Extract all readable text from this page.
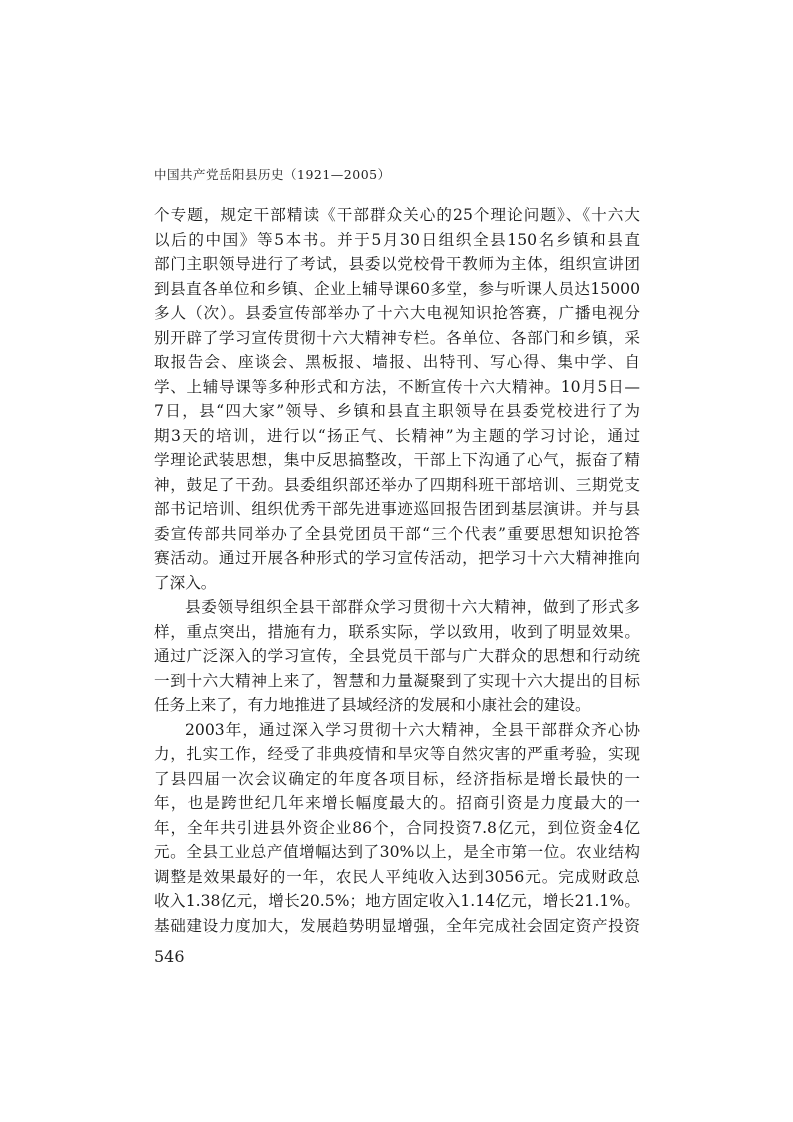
中国共产党岳阳县历史（1921—2005）
个专题，规定干部精读《干部群众关心的25个理论问题》、《十六大
以后的中国》等5本书。并于5月30日组织全县150名乡镇和县直
部门主职领导进行了考试，县委以党校骨干教师为主体，组织宣讲团
到县直各单位和乡镇、企业上辅导课60多堂，参与听课人员达15000
多人（次）。县委宣传部举办了十六大电视知识抢答赛，广播电视分
别开辟了学习宣传贯彻十六大精神专栏。各单位、各部门和乡镇，采
取报告会、座谈会、黑板报、墙报、出特刊、写心得、集中学、自
学、上辅导课等多种形式和方法，不断宣传十六大精神。10月5日—
7日，县“四大家”领导、乡镇和县直主职领导在县委党校进行了为
期3天的培训，进行以“扬正气、长精神”为主题的学习讨论，通过
学理论武装思想，集中反思搞整改，干部上下沟通了心气，振奋了精
神，鼓足了干劲。县委组织部还举办了四期科班干部培训、三期党支
部书记培训、组织优秀干部先进事迹巡回报告团到基层演讲。并与县
委宣传部共同举办了全县党团员干部“三个代表”重要思想知识抢答
赛活动。通过开展各种形式的学习宣传活动，把学习十六大精神推向
了深入。
县委领导组织全县干部群众学习贯彻十六大精神，做到了形式多
样，重点突出，措施有力，联系实际，学以致用，收到了明显效果。
通过广泛深入的学习宣传，全县党员干部与广大群众的思想和行动统
一到十六大精神上来了，智慧和力量凝聚到了实现十六大提出的目标
任务上来了，有力地推进了县域经济的发展和小康社会的建设。
2003年，通过深入学习贯彻十六大精神，全县干部群众齐心协
力，扎实工作，经受了非典疫情和旱灾等自然灾害的严重考验，实现
了县四届一次会议确定的年度各项目标，经济指标是增长最快的一
年，也是跨世纪几年来增长幅度最大的。招商引资是力度最大的一
年，全年共引进县外资企业86个，合同投资7.8亿元，到位资金4亿
元。全县工业总产值增幅达到了30%以上，是全市第一位。农业结构
调整是效果最好的一年，农民人平纯收入达到3056元。完成财政总
收入1.38亿元，增长20.5%；地方固定收入1.14亿元，增长21.1%。
基础建设力度加大，发展趋势明显增强，全年完成社会固定资产投资
546
